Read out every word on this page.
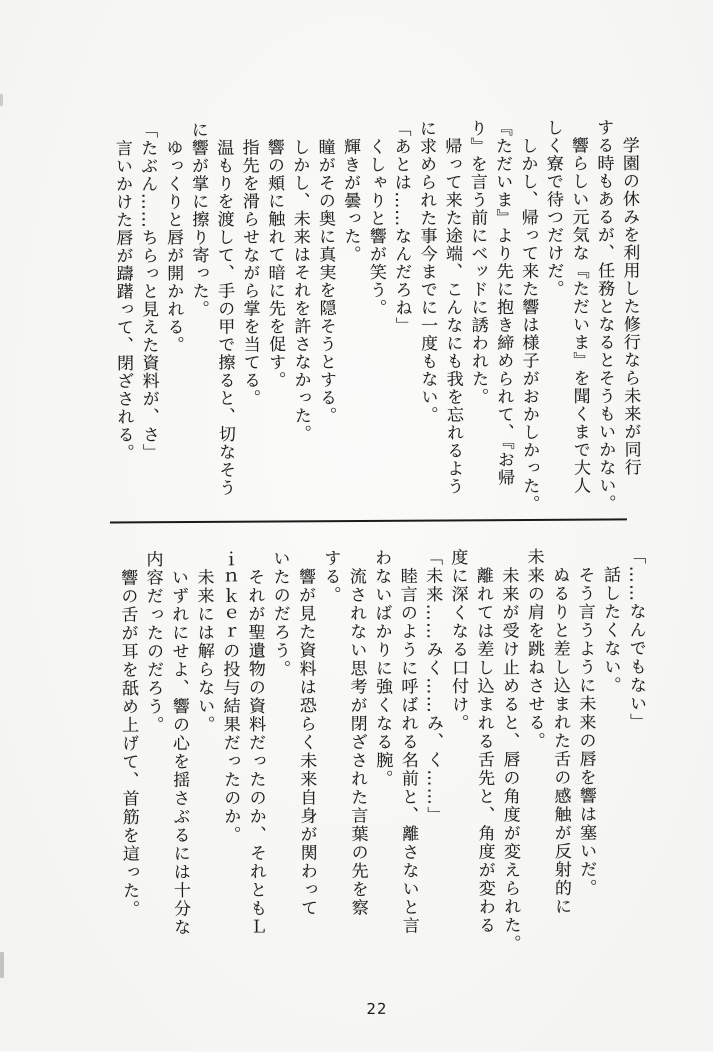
　学園の休みを利用した修行なら未来が同行

する時もあるが、任務となるとそうもいかない。

　響らしい元気な『ただいま』を聞くまで大人

しく寮で待つだけだ。

　しかし、帰って来た響は様子がおかしかった。

『ただいま』より先に抱き締められて、『お帰

り』を言う前にベッドに誘われた。

　帰って来た途端、こんなにも我を忘れるよう

に求められた事今までに一度もない。

「あとは……なんだろね」

　くしゃりと響が笑う。

　輝きが曇った。

　瞳がその奥に真実を隠そうとする。

　しかし、未来はそれを許さなかった。

　響の頬に触れて暗に先を促す。

　指先を滑らせながら掌を当てる。

　温もりを渡して、手の甲で擦ると、切なそう

に響が掌に擦り寄った。

　ゆっくりと唇が開かれる。

「たぶん……ちらっと見えた資料が、さ」

　言いかけた唇が躊躇って、閉ざされる。

「……なんでもない」

　話したくない。

　そう言うように未来の唇を響は塞いだ。

　ぬるりと差し込まれた舌の感触が反射的に

未来の肩を跳ねさせる。

　未来が受け止めると、唇の角度が変えられた。

　離れては差し込まれる舌先と、角度が変わる

度に深くなる口付け。

「未来……みく……み、く……」

　睦言のように呼ばれる名前と、離さないと言

わないばかりに強くなる腕。

　流されない思考が閉ざされた言葉の先を察

する。

　響が見た資料は恐らく未来自身が関わって

いたのだろう。

　それが聖遺物の資料だったのか、それともＬ

ｉｎｋｅｒの投与結果だったのか。

　未来には解らない。

　いずれにせよ、響の心を揺さぶるには十分な

内容だったのだろう。

　響の舌が耳を舐め上げて、首筋を這った。

22
